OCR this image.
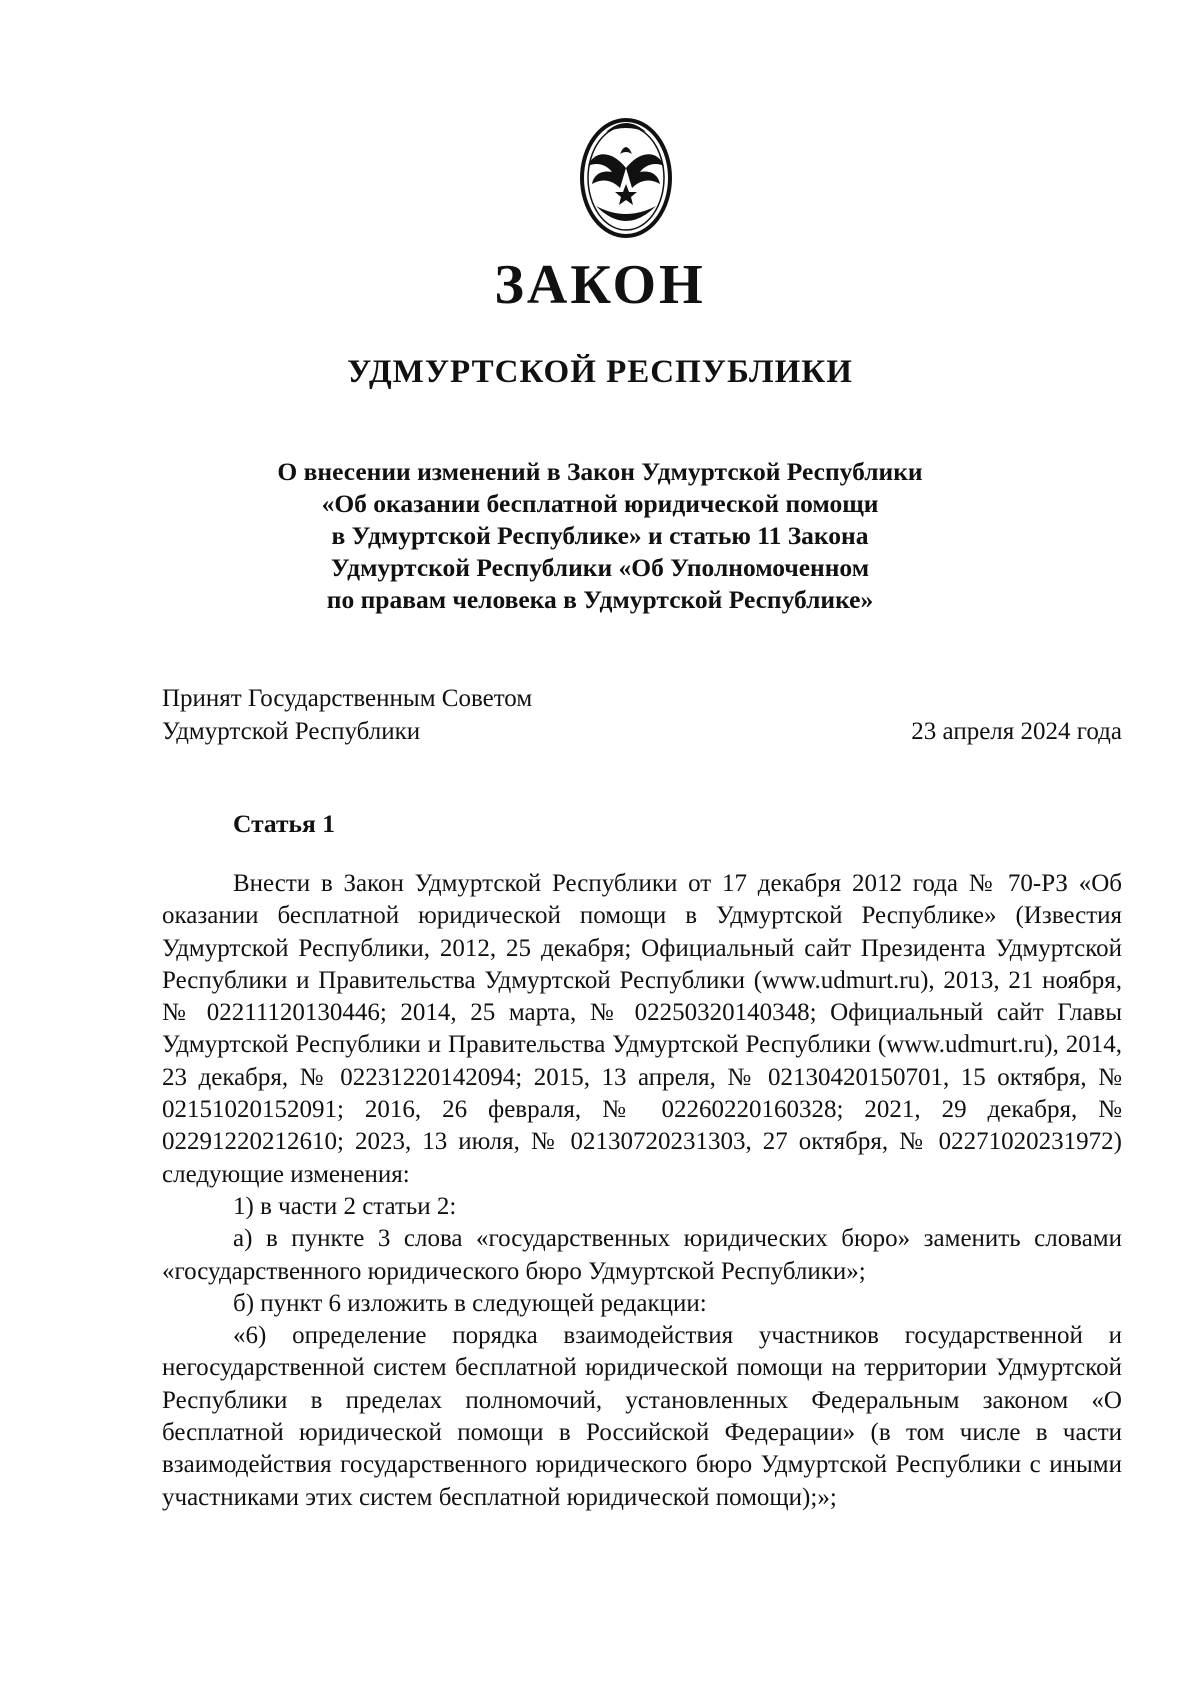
ЗАКОН
УДМУРТСКОЙ РЕСПУБЛИКИ
О внесении изменений в Закон Удмуртской Республики
«Об оказании бесплатной юридической помощи
в Удмуртской Республике» и статью 11 Закона
Удмуртской Республики «Об Уполномоченном
по правам человека в Удмуртской Республике»
Принят Государственным Советом
Удмуртской Республики	23 апреля 2024 года
Статья 1

Внести в Закон Удмуртской Республики от 17 декабря 2012 года № 70-РЗ «Об оказании бесплатной юридической помощи в Удмуртской Республике» (Известия Удмуртской Республики, 2012, 25 декабря; Официальный сайт Президента Удмуртской Республики и Правительства Удмуртской Республики (www.udmurt.ru), 2013, 21 ноября, № 02211120130446; 2014, 25 марта, № 02250320140348; Официальный сайт Главы Удмуртской Республики и Правительства Удмуртской Республики (www.udmurt.ru), 2014, 23 декабря, № 02231220142094; 2015, 13 апреля, № 02130420150701, 15 октября, № 02151020152091; 2016, 26 февраля, № 02260220160328; 2021, 29 декабря, № 02291220212610; 2023, 13 июля, № 02130720231303, 27 октября, № 02271020231972) следующие изменения:

1) в части 2 статьи 2:

а) в пункте 3 слова «государственных юридических бюро» заменить словами «государственного юридического бюро Удмуртской Республики»;

б) пункт 6 изложить в следующей редакции:

«6) определение порядка взаимодействия участников государственной и негосударственной систем бесплатной юридической помощи на территории Удмуртской Республики в пределах полномочий, установленных Федеральным законом «О бесплатной юридической помощи в Российской Федерации» (в том числе в части взаимодействия государственного юридического бюро Удмуртской Республики с иными участниками этих систем бесплатной юридической помощи);»;
